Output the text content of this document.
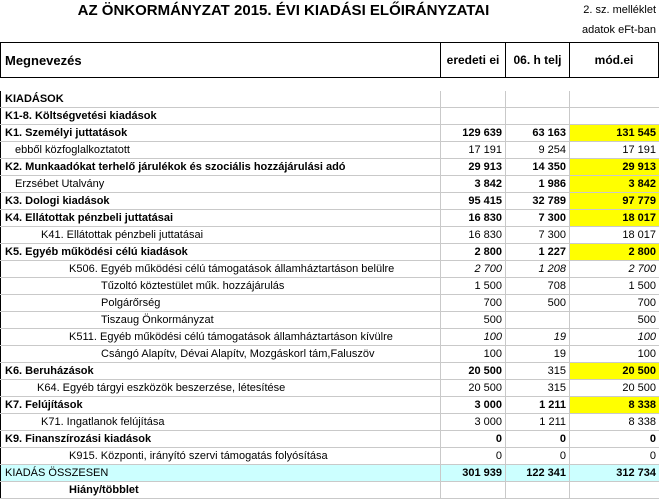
AZ ÖNKORMÁNYZAT 2015. ÉVI KIADÁSI ELŐIRÁNYZATAI	2. sz. melléklet
adatok eFt-ban
Megnevezés	eredeti ei	06. h telj	mód.ei
KIADÁSOK			
K1-8. Költségvetési kiadások			
K1. Személyi juttatások	129 639	63 163	131 545
ebből közfoglalkoztatott	17 191	9 254	17 191
K2. Munkaadókat terhelő járulékok és szociális hozzájárulási adó	29 913	14 350	29 913
Erzsébet Utalvány	3 842	1 986	3 842
K3. Dologi kiadások	95 415	32 789	97 779
K4. Ellátottak pénzbeli juttatásai	16 830	7 300	18 017
K41. Ellátottak pénzbeli juttatásai	16 830	7 300	18 017
K5. Egyéb működési célú kiadások	2 800	1 227	2 800
K506. Egyéb működési célú támogatások államháztartáson belülre	2 700	1 208	2 700
Tűzoltó köztestület műk. hozzájárulás	1 500	708	1 500
Polgárőrség	700	500	700
Tiszaug Önkormányzat	500		500
K511. Egyéb működési célú támogatások államháztartáson kívülre	100	19	100
Csángó Alapítv, Dévai Alapítv, Mozgáskorl tám,Faluszöv	100	19	100
K6. Beruházások	20 500	315	20 500
K64. Egyéb tárgyi eszközök beszerzése, létesítése	20 500	315	20 500
K7. Felújítások	3 000	1 211	8 338
K71. Ingatlanok felújítása	3 000	1 211	8 338
K9. Finanszírozási kiadások	0	0	0
K915. Központi, irányító szervi támogatás folyósítása	0	0	0
KIADÁS ÖSSZESEN	301 939	122 341	312 734
Hiány/többlet			
